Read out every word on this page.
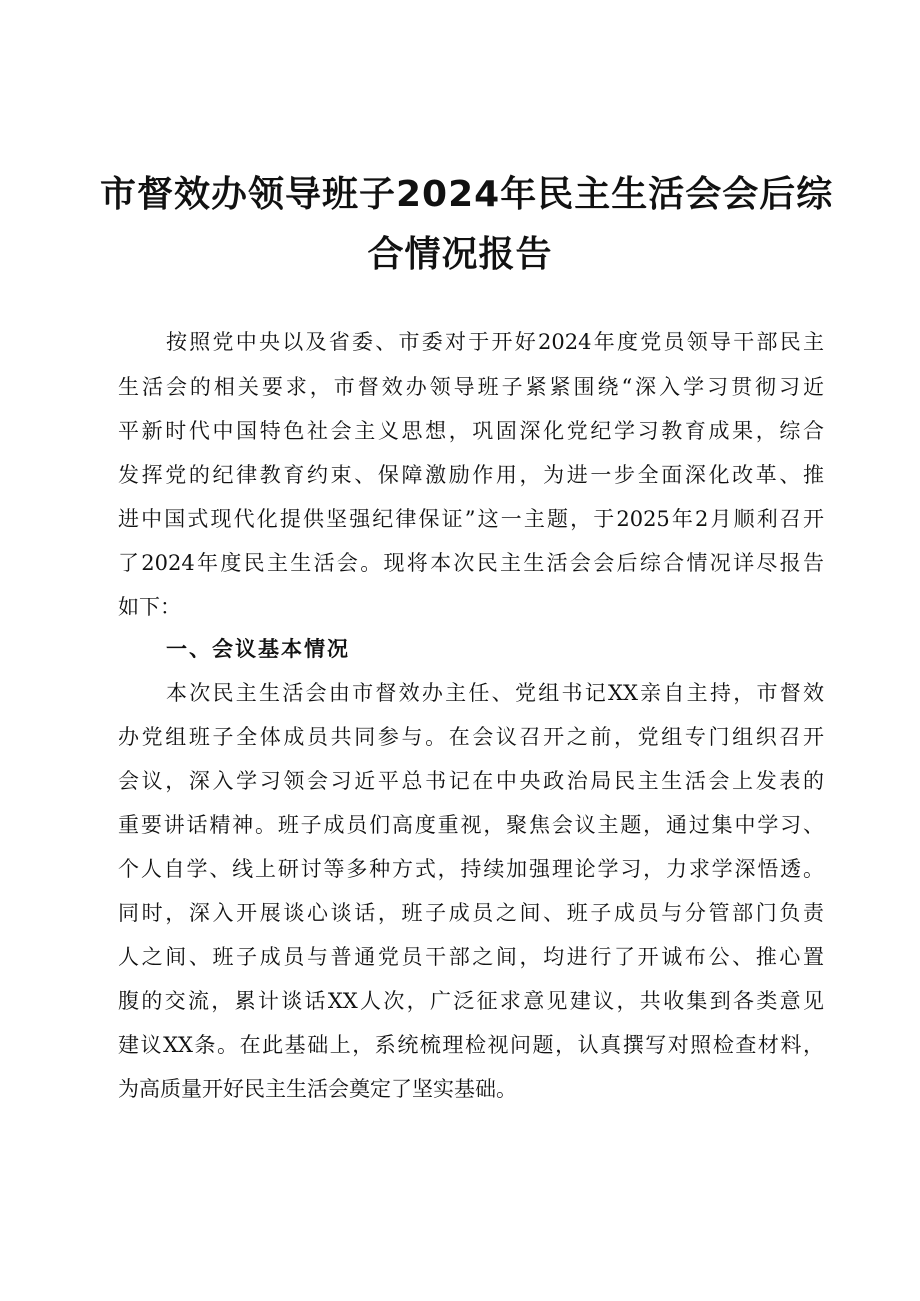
市督效办领导班子2024年民主生活会会后综
合情况报告
按照党中央以及省委、市委对于开好2024年度党员领导干部民主
生活会的相关要求，市督效办领导班子紧紧围绕“深入学习贯彻习近
平新时代中国特色社会主义思想，巩固深化党纪学习教育成果，综合
发挥党的纪律教育约束、保障激励作用，为进一步全面深化改革、推
进中国式现代化提供坚强纪律保证”这一主题，于2025年2月顺利召开
了2024年度民主生活会。现将本次民主生活会会后综合情况详尽报告
如下：
一、会议基本情况
本次民主生活会由市督效办主任、党组书记XX亲自主持，市督效
办党组班子全体成员共同参与。在会议召开之前，党组专门组织召开
会议，深入学习领会习近平总书记在中央政治局民主生活会上发表的
重要讲话精神。班子成员们高度重视，聚焦会议主题，通过集中学习、
个人自学、线上研讨等多种方式，持续加强理论学习，力求学深悟透。
同时，深入开展谈心谈话，班子成员之间、班子成员与分管部门负责
人之间、班子成员与普通党员干部之间，均进行了开诚布公、推心置
腹的交流，累计谈话XX人次，广泛征求意见建议，共收集到各类意见
建议XX条。在此基础上，系统梳理检视问题，认真撰写对照检查材料，
为高质量开好民主生活会奠定了坚实基础。
